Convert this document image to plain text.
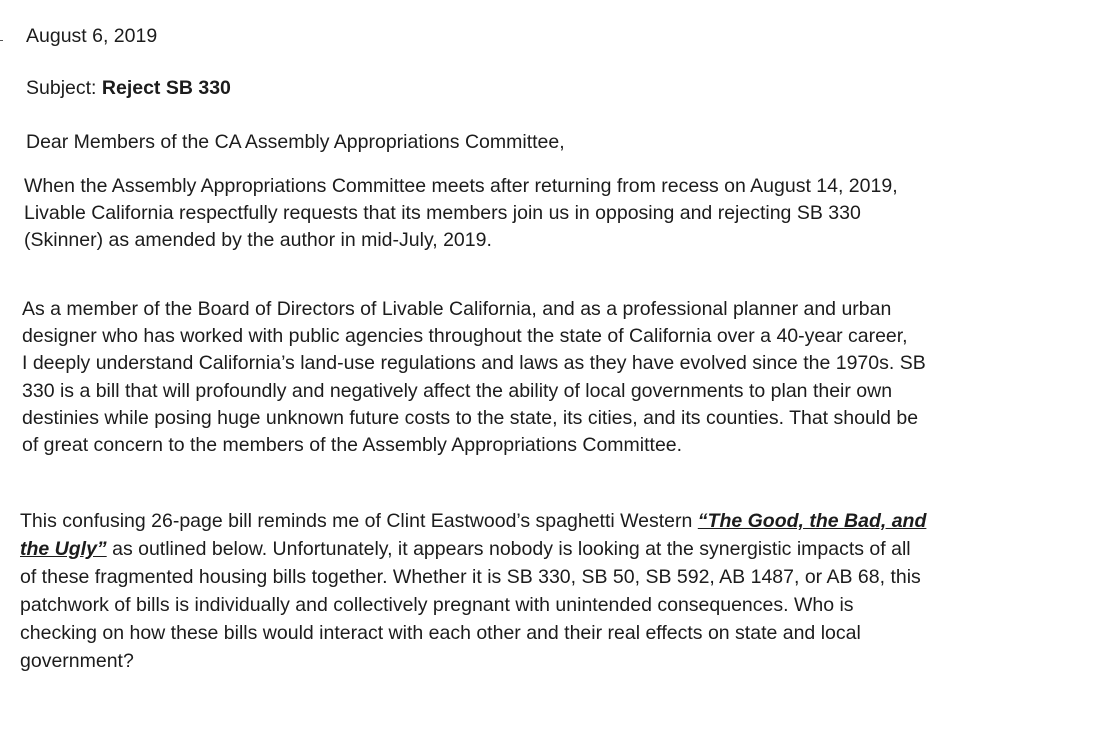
August 6, 2019
Subject: Reject SB 330
Dear Members of the CA Assembly Appropriations Committee,
When the Assembly Appropriations Committee meets after returning from recess on August 14, 2019,
Livable California respectfully requests that its members join us in opposing and rejecting SB 330
(Skinner) as amended by the author in mid-July, 2019.
As a member of the Board of Directors of Livable California, and as a professional planner and urban
designer who has worked with public agencies throughout the state of California over a 40-year career,
I deeply understand California’s land-use regulations and laws as they have evolved since the 1970s. SB
330 is a bill that will profoundly and negatively affect the ability of local governments to plan their own
destinies while posing huge unknown future costs to the state, its cities, and its counties. That should be
of great concern to the members of the Assembly Appropriations Committee.
This confusing 26-page bill reminds me of Clint Eastwood’s spaghetti Western “The Good, the Bad, and
the Ugly” as outlined below. Unfortunately, it appears nobody is looking at the synergistic impacts of all
of these fragmented housing bills together. Whether it is SB 330, SB 50, SB 592, AB 1487, or AB 68, this
patchwork of bills is individually and collectively pregnant with unintended consequences. Who is
checking on how these bills would interact with each other and their real effects on state and local
government?
